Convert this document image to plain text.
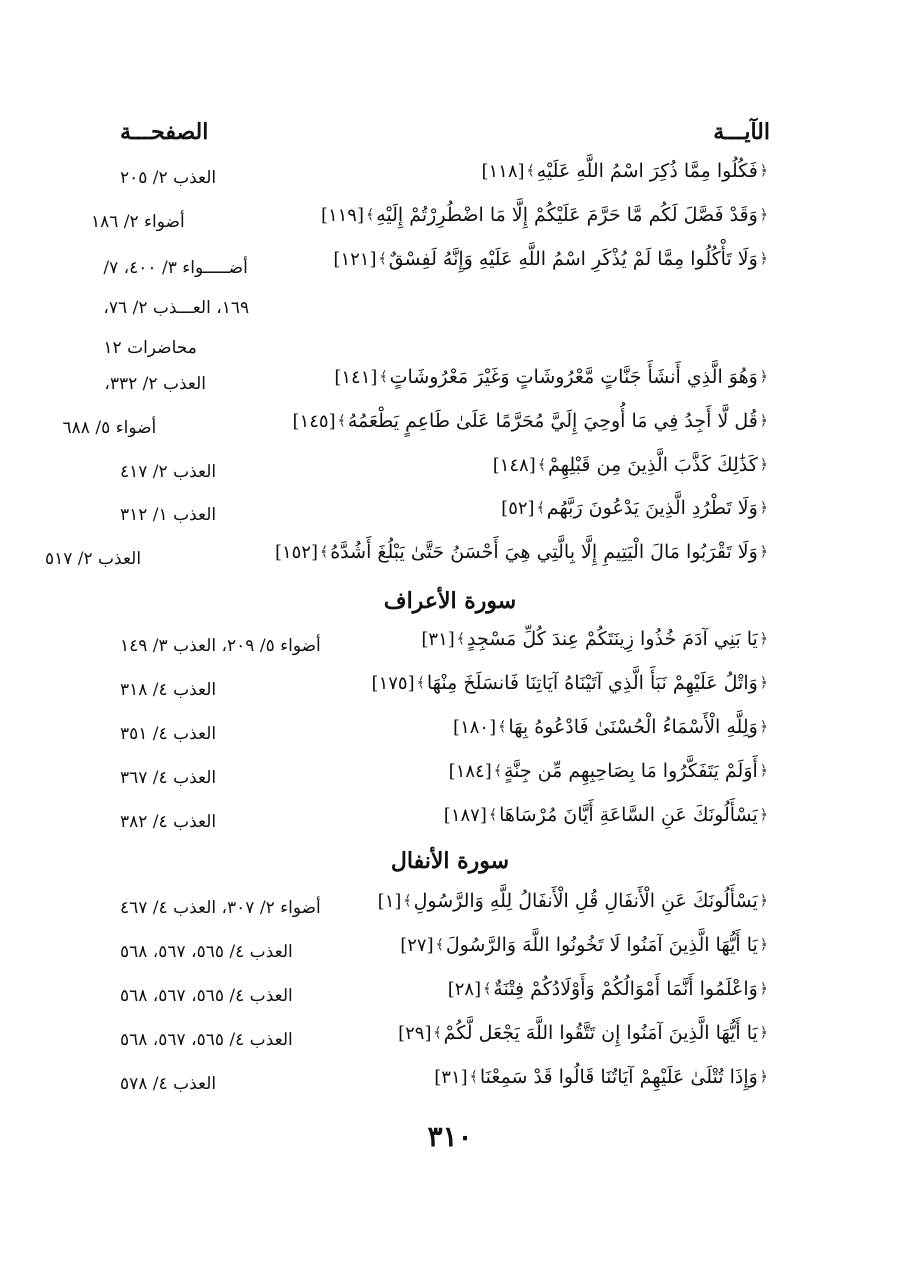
الآيـــة
الصفحـــة
﴿
فَكُلُوا مِمَّا ذُكِرَ اسْمُ اللَّهِ عَلَيْهِ
﴾
[١١٨]
العذب ٢/ ٢٠٥
﴿
وَقَدْ فَصَّلَ لَكُم مَّا حَرَّمَ عَلَيْكُمْ إِلَّا مَا اضْطُرِرْتُمْ إِلَيْهِ
﴾
[١١٩]
أضواء ٢/ ١٨٦
﴿
وَلَا تَأْكُلُوا مِمَّا لَمْ يُذْكَرِ اسْمُ اللَّهِ عَلَيْهِ وَإِنَّهُ لَفِسْقٌ
﴾
[١٢١]
أضـــــواء ٣/ ٤٠٠، ٧/
١٦٩، العـــذب ٢/ ٧٦،
محاضرات ١٢
﴿
وَهُوَ الَّذِي أَنشَأَ جَنَّاتٍ مَّعْرُوشَاتٍ وَغَيْرَ مَعْرُوشَاتٍ
﴾
[١٤١]
العذب ٢/ ٣٣٢،
﴿
قُل لَّا أَجِدُ فِي مَا أُوحِيَ إِلَيَّ مُحَرَّمًا عَلَىٰ طَاعِمٍ يَطْعَمُهُ
﴾
[١٤٥]
أضواء ٥/ ٦٨٨
﴿
كَذَٰلِكَ كَذَّبَ الَّذِينَ مِن قَبْلِهِمْ
﴾
[١٤٨]
العذب ٢/ ٤١٧
﴿
وَلَا تَطْرُدِ الَّذِينَ يَدْعُونَ رَبَّهُم
﴾
[٥٢]
العذب ١/ ٣١٢
﴿
وَلَا تَقْرَبُوا مَالَ الْيَتِيمِ إِلَّا بِالَّتِي هِيَ أَحْسَنُ حَتَّىٰ يَبْلُغَ أَشُدَّهُ
﴾
[١٥٢]
العذب ٢/ ٥١٧
سورة الأعراف
﴿
يَا بَنِي آدَمَ خُذُوا زِينَتَكُمْ عِندَ كُلِّ مَسْجِدٍ
﴾
[٣١]
أضواء ٥/ ٢٠٩، العذب ٣/ ١٤٩
﴿
وَاتْلُ عَلَيْهِمْ نَبَأَ الَّذِي آتَيْنَاهُ آيَاتِنَا فَانسَلَخَ مِنْهَا
﴾
[١٧٥]
العذب ٤/ ٣١٨
﴿
وَلِلَّهِ الْأَسْمَاءُ الْحُسْنَىٰ فَادْعُوهُ بِهَا
﴾
[١٨٠]
العذب ٤/ ٣٥١
﴿
أَوَلَمْ يَتَفَكَّرُوا مَا بِصَاحِبِهِم مِّن جِنَّةٍ
﴾
[١٨٤]
العذب ٤/ ٣٦٧
﴿
يَسْأَلُونَكَ عَنِ السَّاعَةِ أَيَّانَ مُرْسَاهَا
﴾
[١٨٧]
العذب ٤/ ٣٨٢
سورة الأنفال
﴿
يَسْأَلُونَكَ عَنِ الْأَنفَالِ قُلِ الْأَنفَالُ لِلَّهِ وَالرَّسُولِ
﴾
[١]
أضواء ٢/ ٣٠٧، العذب ٤/ ٤٦٧
﴿
يَا أَيُّهَا الَّذِينَ آمَنُوا لَا تَخُونُوا اللَّهَ وَالرَّسُولَ
﴾
[٢٧]
العذب ٤/ ٥٦٥، ٥٦٧، ٥٦٨
﴿
وَاعْلَمُوا أَنَّمَا أَمْوَالُكُمْ وَأَوْلَادُكُمْ فِتْنَةٌ
﴾
[٢٨]
العذب ٤/ ٥٦٥، ٥٦٧، ٥٦٨
﴿
يَا أَيُّهَا الَّذِينَ آمَنُوا إِن تَتَّقُوا اللَّهَ يَجْعَل لَّكُمْ
﴾
[٢٩]
العذب ٤/ ٥٦٥، ٥٦٧، ٥٦٨
﴿
وَإِذَا تُتْلَىٰ عَلَيْهِمْ آيَاتُنَا قَالُوا قَدْ سَمِعْنَا
﴾
[٣١]
العذب ٤/ ٥٧٨
٣١٠
